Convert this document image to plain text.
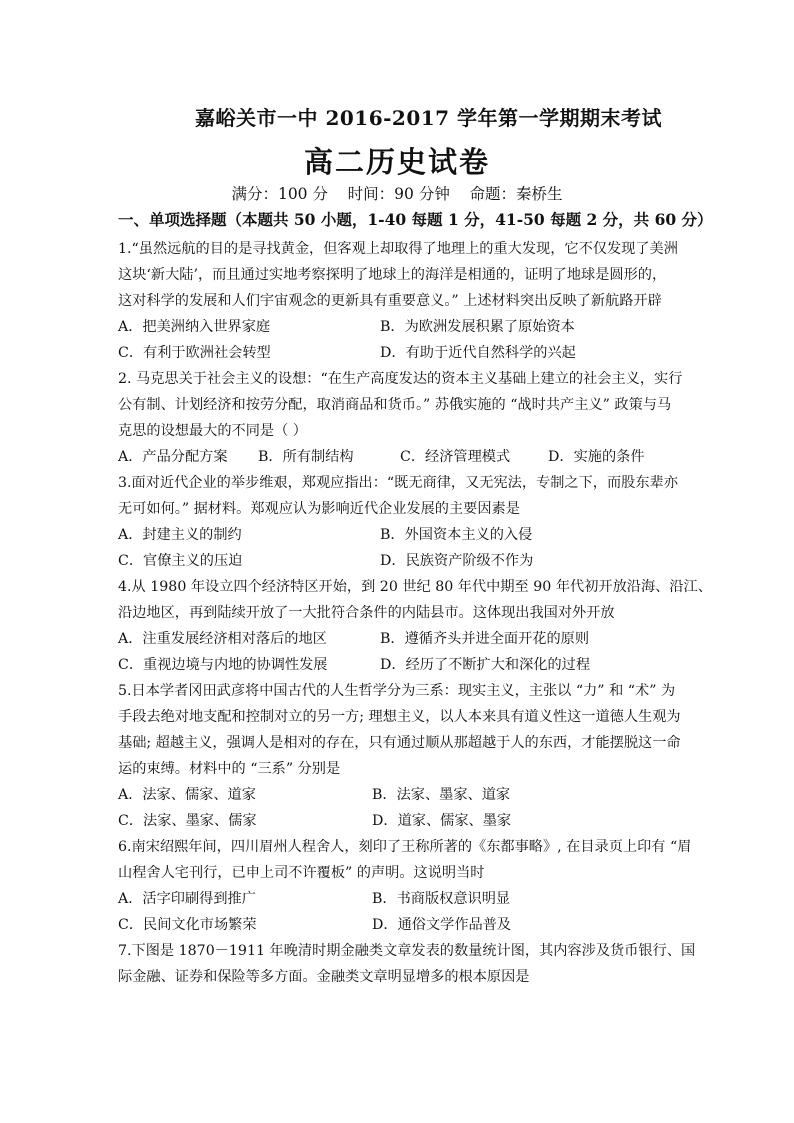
嘉峪关市一中 2016-2017 学年第一学期期末考试
高二历史试卷
满分：100 分    时间：90 分钟    命题：秦桥生
一、单项选择题（本题共 50 小题，1-40 每题 1 分，41-50 每题 2 分，共 60 分）
1.“虽然远航的目的是寻找黄金，但客观上却取得了地理上的重大发现，它不仅发现了美洲
这块‘新大陆’，而且通过实地考察探明了地球上的海洋是相通的，证明了地球是圆形的，
这对科学的发展和人们宇宙观念的更新具有重要意义。” 上述材料突出反映了新航路开辟
A．把美洲纳入世界家庭	B．为欧洲发展积累了原始资本
C．有利于欧洲社会转型	D．有助于近代自然科学的兴起
2. 马克思关于社会主义的设想：“在生产高度发达的资本主义基础上建立的社会主义，实行
公有制、计划经济和按劳分配，取消商品和货币。” 苏俄实施的 “战时共产主义” 政策与马
克思的设想最大的不同是（ ）
A．产品分配方案 B．所有制结构	C．经济管理模式	D．实施的条件
3.面对近代企业的举步维艰，郑观应指出：“既无商律，又无宪法，专制之下，而股东辈亦
无可如何。” 据材料。郑观应认为影响近代企业发展的主要因素是
A．封建主义的制约	B．外国资本主义的入侵
C．官僚主义的压迫	D．民族资产阶级不作为
4.从 1980 年设立四个经济特区开始，到 20 世纪 80 年代中期至 90 年代初开放沿海、沿江、
沿边地区，再到陆续开放了一大批符合条件的内陆县市。这体现出我国对外开放
A．注重发展经济相对落后的地区	B．遵循齐头并进全面开花的原则
C．重视边境与内地的协调性发展	D．经历了不断扩大和深化的过程
5.日本学者冈田武彦将中国古代的人生哲学分为三系：现实主义，主张以 “力” 和 “术” 为
手段去绝对地支配和控制对立的另一方; 理想主义，以人本来具有道义性这一道德人生观为
基础; 超越主义，强调人是相对的存在，只有通过顺从那超越于人的东西，才能摆脱这一命
运的束缚。材料中的 “三系” 分别是
A．法家、儒家、道家	B．法家、墨家、道家
C．法家、墨家、儒家	D．道家、儒家、墨家
6.南宋绍熙年间，四川眉州人程舍人，刻印了王称所著的《东都事略》, 在目录页上印有 “眉
山程舍人宅刊行，已申上司不许覆板” 的声明。这说明当时
A．活字印刷得到推广	B．书商版权意识明显
C．民间文化市场繁荣	D．通俗文学作品普及
7.下图是 1870－1911 年晚清时期金融类文章发表的数量统计图，其内容涉及货币银行、国
际金融、证券和保险等多方面。金融类文章明显增多的根本原因是
